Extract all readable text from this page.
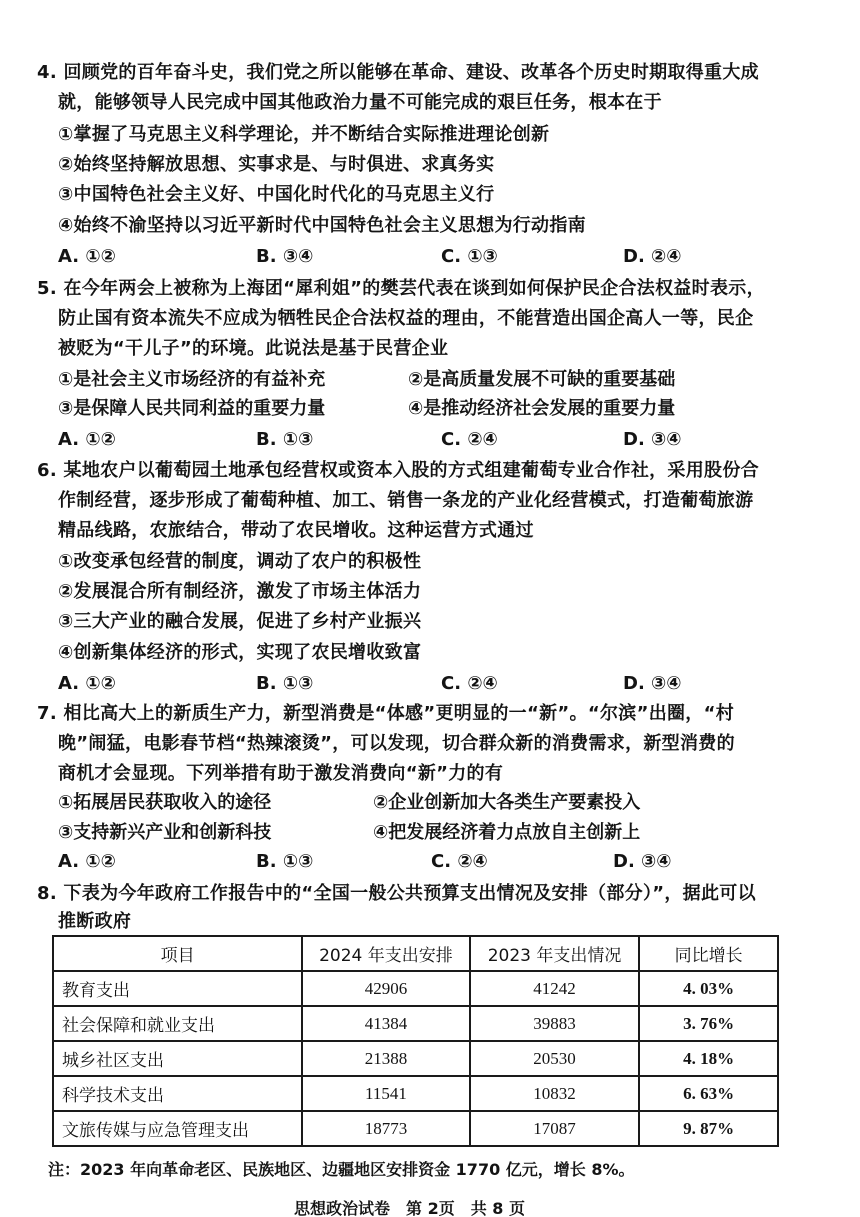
4. 回顾党的百年奋斗史，我们党之所以能够在革命、建设、改革各个历史时期取得重大成
就，能够领导人民完成中国其他政治力量不可能完成的艰巨任务，根本在于
①掌握了马克思主义科学理论，并不断结合实际推进理论创新
②始终坚持解放思想、实事求是、与时俱进、求真务实
③中国特色社会主义好、中国化时代化的马克思主义行
④始终不渝坚持以习近平新时代中国特色社会主义思想为行动指南
A. ①②	B. ③④	C. ①③	D. ②④
5. 在今年两会上被称为上海团“犀利姐”的樊芸代表在谈到如何保护民企合法权益时表示，
防止国有资本流失不应成为牺牲民企合法权益的理由，不能营造出国企高人一等，民企
被贬为“干儿子”的环境。此说法是基于民营企业
①是社会主义市场经济的有益补充	②是高质量发展不可缺的重要基础
③是保障人民共同利益的重要力量	④是推动经济社会发展的重要力量
A. ①②	B. ①③	C. ②④	D. ③④
6. 某地农户以葡萄园土地承包经营权或资本入股的方式组建葡萄专业合作社，采用股份合
作制经营，逐步形成了葡萄种植、加工、销售一条龙的产业化经营模式，打造葡萄旅游
精品线路，农旅结合，带动了农民增收。这种运营方式通过
①改变承包经营的制度，调动了农户的积极性
②发展混合所有制经济，激发了市场主体活力
③三大产业的融合发展，促进了乡村产业振兴
④创新集体经济的形式，实现了农民增收致富
A. ①②	B. ①③	C. ②④	D. ③④
7. 相比高大上的新质生产力，新型消费是“体感”更明显的一“新”。“尔滨”出圈，“村
晚”闹猛，电影春节档“热辣滚烫”，可以发现，切合群众新的消费需求，新型消费的
商机才会显现。下列举措有助于激发消费向“新”力的有
①拓展居民获取收入的途径	②企业创新加大各类生产要素投入
③支持新兴产业和创新科技	④把发展经济着力点放自主创新上
A. ①②	B. ①③	C. ②④	D. ③④
8. 下表为今年政府工作报告中的“全国一般公共预算支出情况及安排（部分）”，据此可以
推断政府
项目	2024 年支出安排	2023 年支出情况	同比增长
教育支出	42906	41242	4. 03%
社会保障和就业支出	41384	39883	3. 76%
城乡社区支出	21388	20530	4. 18%
科学技术支出	11541	10832	6. 63%
文旅传媒与应急管理支出	18773	17087	9. 87%
注：2023 年向革命老区、民族地区、边疆地区安排资金 1770 亿元，增长 8%。
思想政治试卷　第 2页　共 8 页
